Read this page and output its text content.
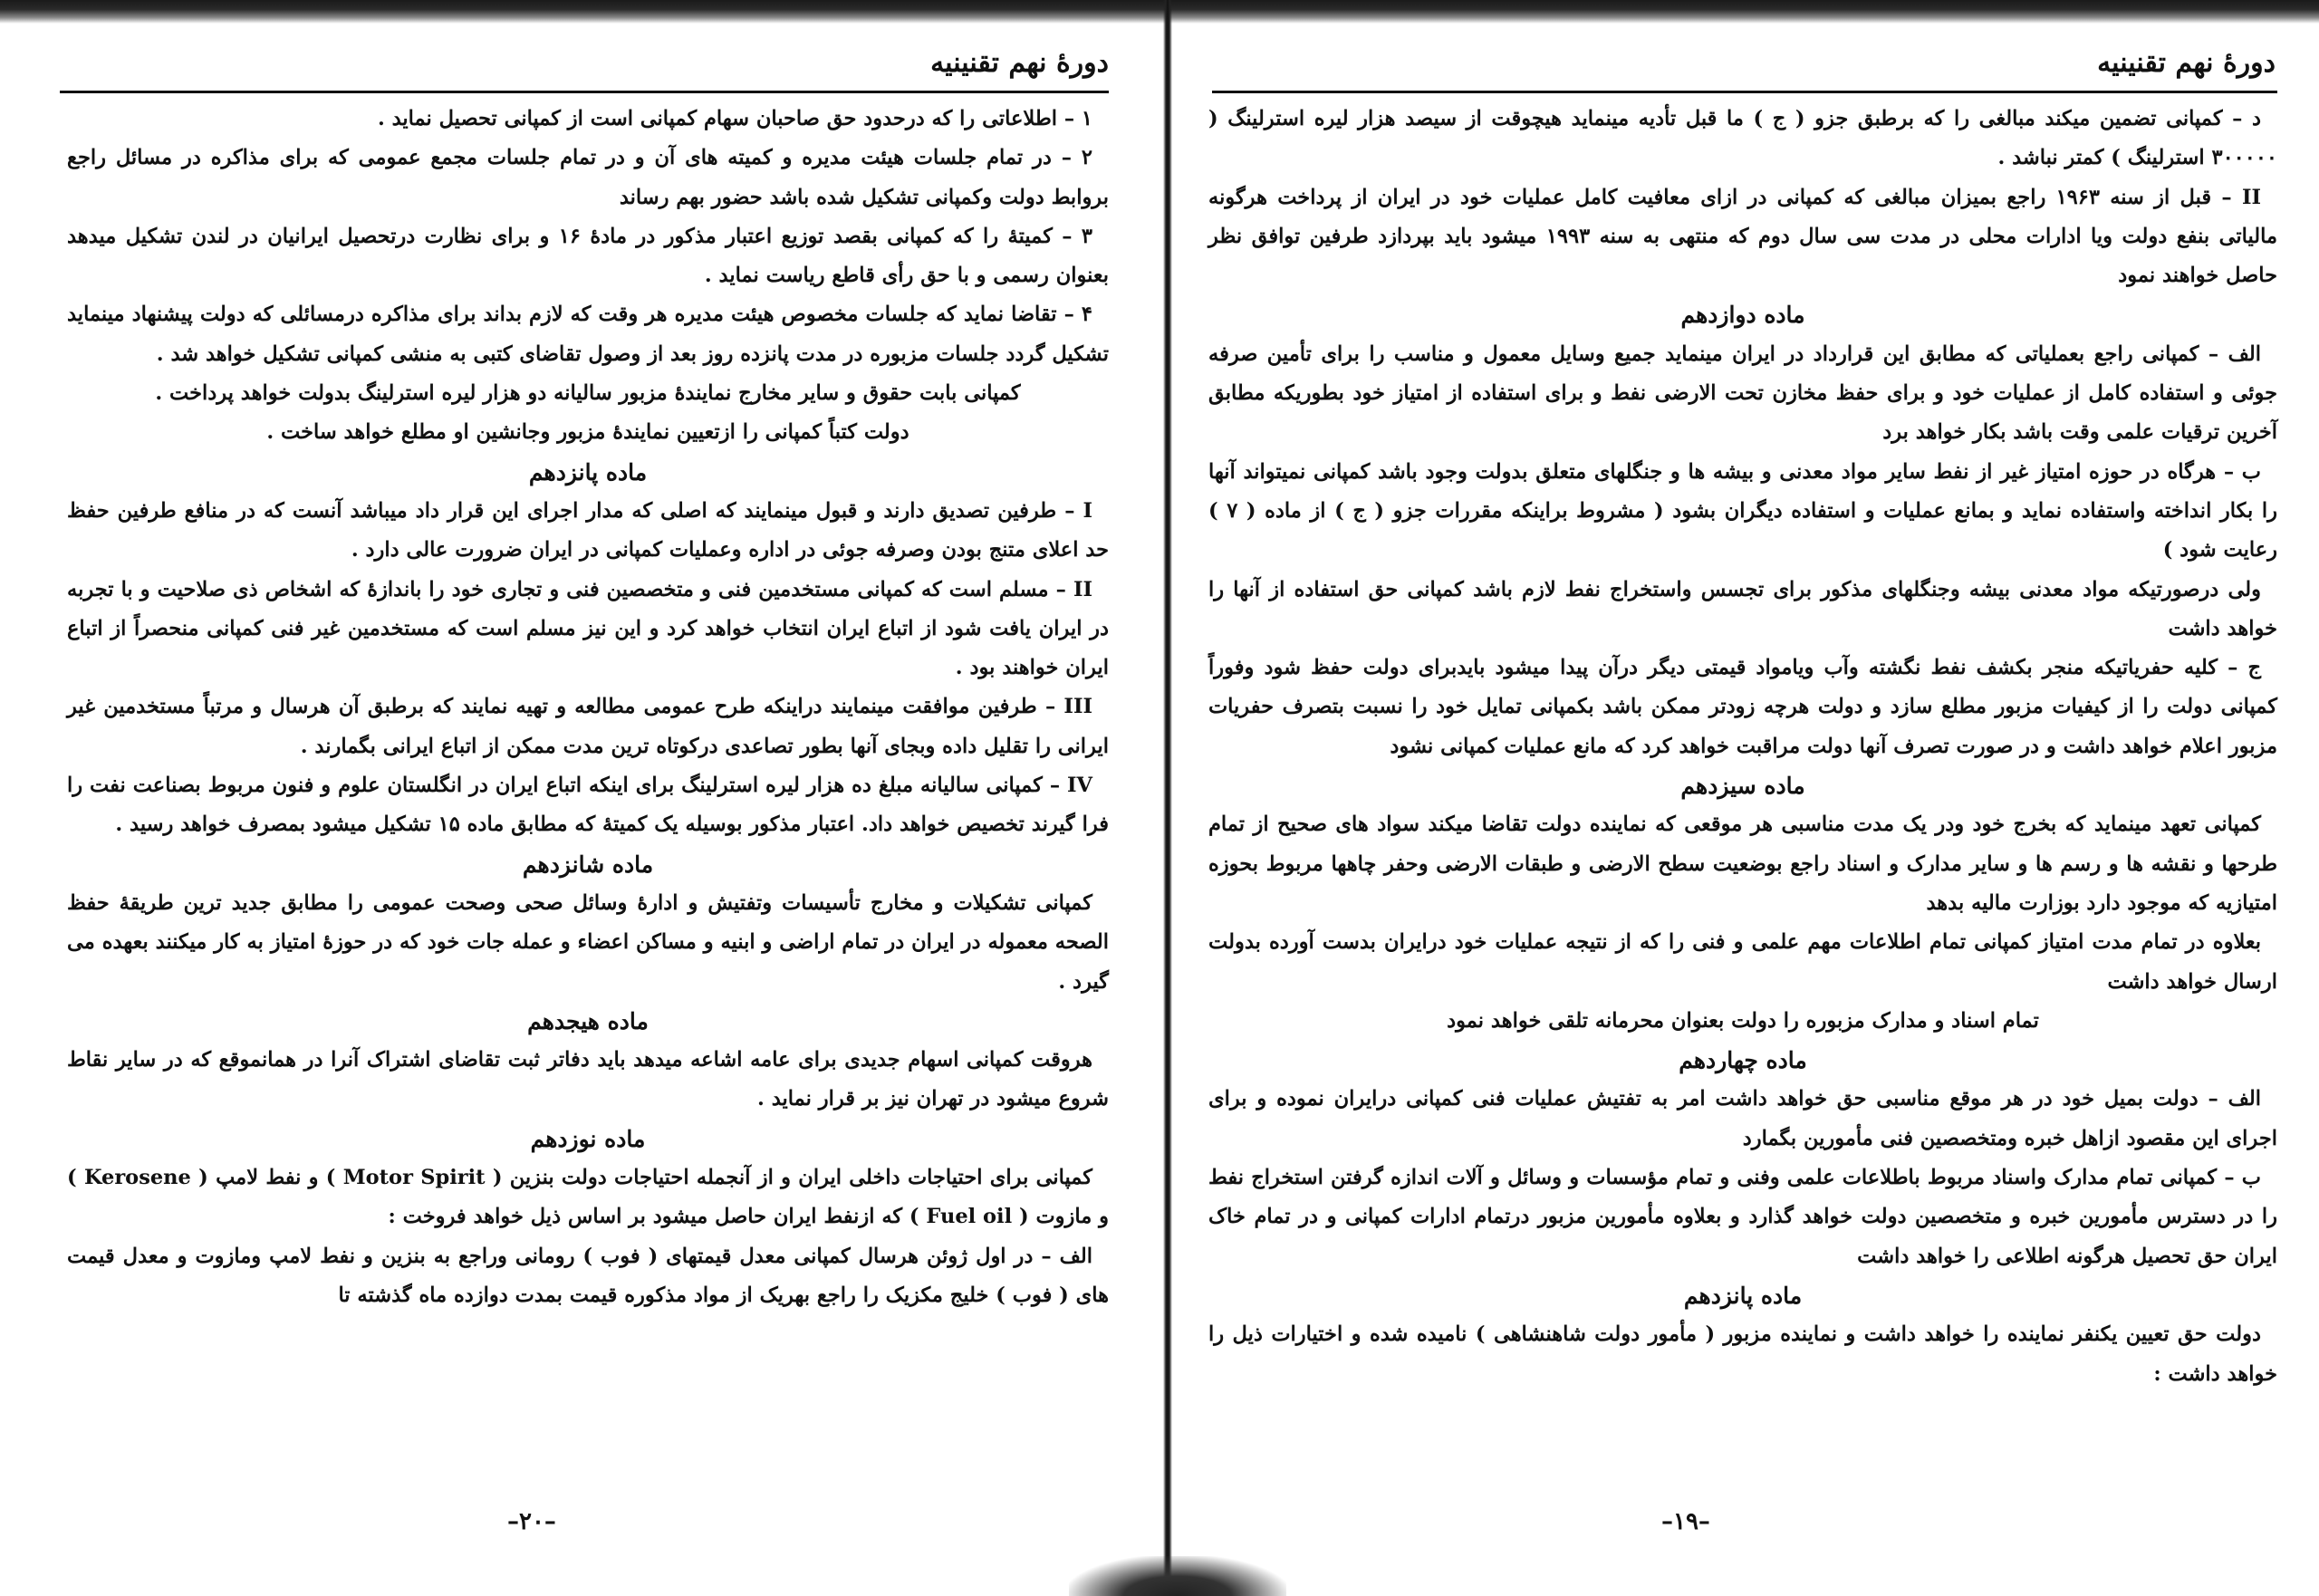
دورهٔ نهم تقنینیه

۱ – اطلاعاتی را که درحدود حق صاحبان سهام کمپانی است از کمپانی تحصیل نماید .

۲ – در تمام جلسات هیئت مدیره و کمیته های آن و در تمام جلسات مجمع عمومی که برای مذاکره در مسائل راجع بروابط دولت وکمپانی تشکیل شده باشد حضور بهم رساند

۳ – کمیتۀ را که کمپانی بقصد توزیع اعتبار مذکور در مادهٔ ۱۶ و برای نظارت درتحصیل ایرانیان در لندن تشکیل میدهد بعنوان رسمی و با حق رأی قاطع ریاست نماید .

۴ – تقاضا نماید که جلسات مخصوص هیئت مدیره هر وقت که لازم بداند برای مذاکره درمسائلی که دولت پیشنهاد مینماید تشکیل گردد جلسات مزبوره در مدت پانزده روز بعد از وصول تقاضای کتبی به منشی کمپانی تشکیل خواهد شد .

کمپانی بابت حقوق و سایر مخارج نمایندهٔ مزبور سالیانه دو هزار لیره استرلینگ بدولت خواهد پرداخت .

دولت کتباً کمپانی را ازتعیین نمایندهٔ مزبور وجانشین او مطلع خواهد ساخت .

ماده پانزدهم

I – طرفین تصدیق دارند و قبول مینمایند که اصلی که مدار اجرای این قرار داد میباشد آنست که در منافع طرفین حفظ حد اعلای متنج بودن وصرفه جوئی در اداره وعملیات کمپانی در ایران ضرورت عالی دارد .

II – مسلم است که کمپانی مستخدمین فنی و متخصصین فنی و تجاری خود را باندازهٔ که اشخاص ذی صلاحیت و با تجربه در ایران یافت شود از اتباع ایران انتخاب خواهد کرد و این نیز مسلم است که مستخدمین غیر فنی کمپانی منحصراً از اتباع ایران خواهند بود .

III – طرفین موافقت مینمایند دراینکه طرح عمومی مطالعه و تهیه نمایند که برطبق آن هرسال و مرتباً مستخدمین غیر ایرانی را تقلیل داده وبجای آنها بطور تصاعدی درکوتاه ترین مدت ممکن از اتباع ایرانی بگمارند .

IV – کمپانی سالیانه مبلغ ده هزار لیره استرلینگ برای اینکه اتباع ایران در انگلستان علوم و فنون مربوط بصناعت نفت را فرا گیرند تخصیص خواهد داد. اعتبار مذکور بوسیله یک کمیتهٔ که مطابق ماده ۱۵ تشکیل میشود بمصرف خواهد رسید .

ماده شانزدهم

کمپانی تشکیلات و مخارج تأسیسات وتفتیش و ادارهٔ وسائل صحی وصحت عمومی را مطابق جدید ترین طریقهٔ حفظ الصحه معموله در ایران در تمام اراضی و ابنیه و مساکن اعضاء و عمله جات خود که در حوزهٔ امتیاز به کار میکنند بعهده می گیرد .

ماده هیجدهم

هروقت کمپانی اسهام جدیدی برای عامه اشاعه میدهد باید دفاتر ثبت تقاضای اشتراک آنرا در همانموقع که در سایر نقاط شروع میشود در تهران نیز بر قرار نماید .

ماده نوزدهم

کمپانی برای احتیاجات داخلی ایران و از آنجمله احتیاجات دولت بنزین ( Motor Spirit ) و نفط لامپ ( Kerosene ) و مازوت ( Fuel oil ) که ازنفط ایران حاصل میشود بر اساس ذیل خواهد فروخت :

الف – در اول ژوئن هرسال کمپانی معدل قیمتهای ( فوب ) رومانی وراجع به بنزین و نفط لامپ ومازوت و معدل قیمت های ( فوب ) خلیج مکزیک را راجع بهریک از مواد مذکوره قیمت بمدت دوازده ماه گذشته تا

–۲۰–
دورهٔ نهم تقنینیه

د – کمپانی تضمین میکند مبالغی را که برطبق جزو ( ج ) ما قبل تأدیه مینماید هیچوقت از سیصد هزار لیره استرلینگ ( ۳۰۰۰۰۰ استرلینگ ) کمتر نباشد .

II – قبل از سنه ۱۹۶۳ راجع بمیزان مبالغی که کمپانی در ازای معافیت کامل عملیات خود در ایران از پرداخت هرگونه مالیاتی بنفع دولت ویا ادارات محلی در مدت سی سال دوم که منتهی به سنه ۱۹۹۳ میشود باید بپردازد طرفین توافق نظر حاصل خواهند نمود

ماده دوازدهم

الف – کمپانی راجع بعملیاتی که مطابق این قرارداد در ایران مینماید جمیع وسایل معمول و مناسب را برای تأمین صرفه جوئی و استفاده کامل از عملیات خود و برای حفظ مخازن تحت الارضی نفط و برای استفاده از امتیاز خود بطوریکه مطابق آخرین ترقیات علمی وقت باشد بکار خواهد برد

ب – هرگاه در حوزه امتیاز غیر از نفط سایر مواد معدنی و بیشه ها و جنگلهای متعلق بدولت وجود باشد کمپانی نمیتواند آنها را بکار انداخته واستفاده نماید و بمانع عملیات و استفاده دیگران بشود ( مشروط براینکه مقررات جزو ( ج ) از ماده ( ۷ ) رعایت شود )

ولی درصورتیکه مواد معدنی بیشه وجنگلهای مذکور برای تجسس واستخراج نفط لازم باشد کمپانی حق استفاده از آنها را خواهد داشت

ج – کلیه حفریاتیکه منجر بکشف نفط نگشته وآب ویامواد قیمتی دیگر درآن پیدا میشود بایدبرای دولت حفظ شود وفوراً کمپانی دولت را از کیفیات مزبور مطلع سازد و دولت هرچه زودتر ممکن باشد بکمپانی تمایل خود را نسبت بتصرف حفریات مزبور اعلام خواهد داشت و در صورت تصرف آنها دولت مراقبت خواهد کرد که مانع عملیات کمپانی نشود

ماده سیزدهم

کمپانی تعهد مینماید که بخرج خود ودر یک مدت مناسبی هر موقعی که نماینده دولت تقاضا میکند سواد های صحیح از تمام طرحها و نقشه ها و رسم ها و سایر مدارک و اسناد راجع بوضعیت سطح الارضی و طبقات الارضی وحفر چاهها مربوط بحوزه امتیازیه که موجود دارد بوزارت مالیه بدهد

بعلاوه در تمام مدت امتیاز کمپانی تمام اطلاعات مهم علمی و فنی را که از نتیجه عملیات خود درایران بدست آورده بدولت ارسال خواهد داشت

تمام اسناد و مدارک مزبوره را دولت بعنوان محرمانه تلقی خواهد نمود

ماده چهاردهم

الف – دولت بمیل خود در هر موقع مناسبی حق خواهد داشت امر به تفتیش عملیات فنی کمپانی درایران نموده و برای اجرای این مقصود ازاهل خبره ومتخصصین فنی مأمورین بگمارد

ب – کمپانی تمام مدارک واسناد مربوط باطلاعات علمی وفنی و تمام مؤسسات و وسائل و آلات اندازه گرفتن استخراج نفط را در دسترس مأمورین خبره و متخصصین دولت خواهد گذارد و بعلاوه مأمورین مزبور درتمام ادارات کمپانی و در تمام خاک ایران حق تحصیل هرگونه اطلاعی را خواهد داشت

ماده پانزدهم

دولت حق تعیین یکنفر نماینده را خواهد داشت و نماینده مزبور ( مأمور دولت شاهنشاهی ) نامیده شده و اختیارات ذیل را خواهد داشت :

–۱۹–
